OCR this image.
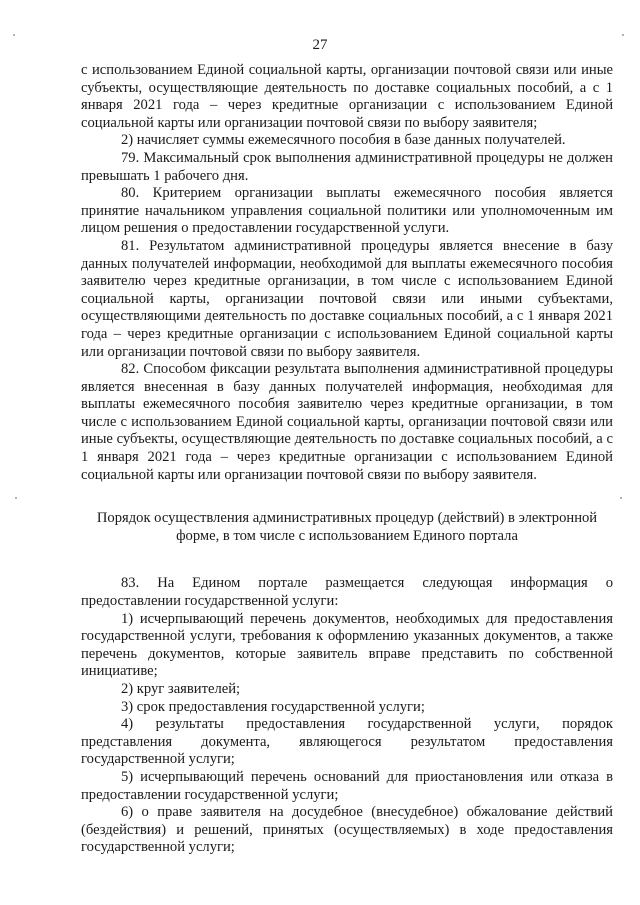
27

с использованием Единой социальной карты, организации почтовой связи или иные субъекты, осуществляющие деятельность по доставке социальных пособий, а с 1 января 2021 года – через кредитные организации с использованием Единой социальной карты или организации почтовой связи по выбору заявителя;

2) начисляет суммы ежемесячного пособия в базе данных получателей.

79. Максимальный срок выполнения административной процедуры не должен превышать 1 рабочего дня.

80. Критерием организации выплаты ежемесячного пособия является принятие начальником управления социальной политики или уполномоченным им лицом решения о предоставлении государственной услуги.

81. Результатом административной процедуры является внесение в базу данных получателей информации, необходимой для выплаты ежемесячного пособия заявителю через кредитные организации, в том числе с использованием Единой социальной карты, организации почтовой связи или иными субъектами, осуществляющими деятельность по доставке социальных пособий, а с 1 января 2021 года – через кредитные организации с использованием Единой социальной карты или организации почтовой связи по выбору заявителя.

82. Способом фиксации результата выполнения административной процедуры является внесенная в базу данных получателей информация, необходимая для выплаты ежемесячного пособия заявителю через кредитные организации, в том числе с использованием Единой социальной карты, организации почтовой связи или иные субъекты, осуществляющие деятельность по доставке социальных пособий, а с 1 января 2021 года – через кредитные организации с использованием Единой социальной карты или организации почтовой связи по выбору заявителя.

Порядок осуществления административных процедур (действий) в электронной форме, в том числе с использованием Единого портала

83. На Едином портале размещается следующая информация о предоставлении государственной услуги:

1) исчерпывающий перечень документов, необходимых для предоставления государственной услуги, требования к оформлению указанных документов, а также перечень документов, которые заявитель вправе представить по собственной инициативе;

2) круг заявителей;

3) срок предоставления государственной услуги;

4) результаты предоставления государственной услуги, порядок представления документа, являющегося результатом предоставления государственной услуги;

5) исчерпывающий перечень оснований для приостановления или отказа в предоставлении государственной услуги;

6) о праве заявителя на досудебное (внесудебное) обжалование действий (бездействия) и решений, принятых (осуществляемых) в ходе предоставления государственной услуги;
